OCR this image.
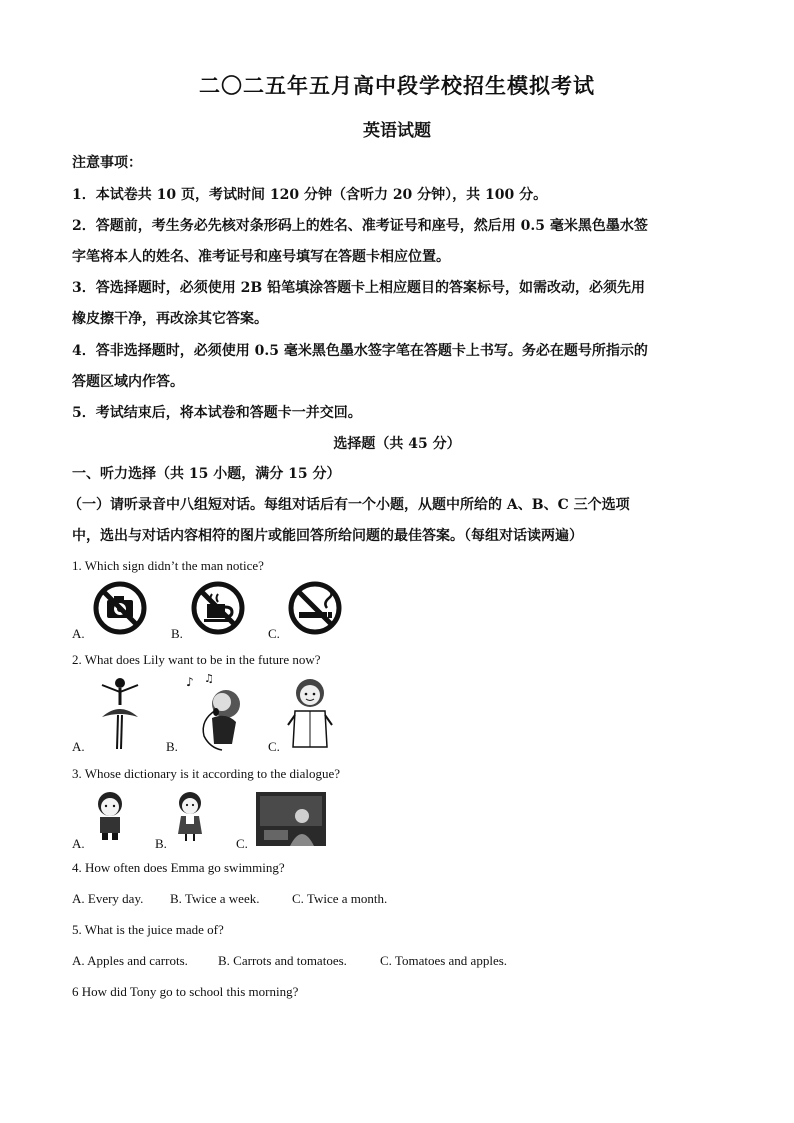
二〇二五年五月高中段学校招生模拟考试
英语试题
注意事项：
1．本试卷共 10 页，考试时间 120 分钟（含听力 20 分钟），共 100 分。
2．答题前，考生务必先核对条形码上的姓名、准考证号和座号，然后用 0.5 毫米黑色墨水签
字笔将本人的姓名、准考证号和座号填写在答题卡相应位置。
3．答选择题时，必须使用 2B 铅笔填涂答题卡上相应题目的答案标号，如需改动，必须先用
橡皮擦干净，再改涂其它答案。
4．答非选择题时，必须使用 0.5 毫米黑色墨水签字笔在答题卡上书写。务必在题号所指示的
答题区域内作答。
5．考试结束后，将本试卷和答题卡一并交回。
选择题（共 45 分）
一、听力选择（共 15 小题，满分 15 分）
（一）请听录音中八组短对话。每组对话后有一个小题，从题中所给的 A、B、C 三个选项
中，选出与对话内容相符的图片或能回答所给问题的最佳答案。（每组对话读两遍）
1. Which sign didn’t the man notice?
A.	B.	C.
2. What does Lily want to be in the future now?
♪ ♫
A.	B.	C.
3. Whose dictionary is it according to the dialogue?
A.	B.	C.
4. How often does Emma go swimming?
A. Every day. B. Twice a week.	C. Twice a month.
5. What is the juice made of?
A. Apples and carrots. B. Carrots and tomatoes.	C. Tomatoes and apples.
6 How did Tony go to school this morning?
